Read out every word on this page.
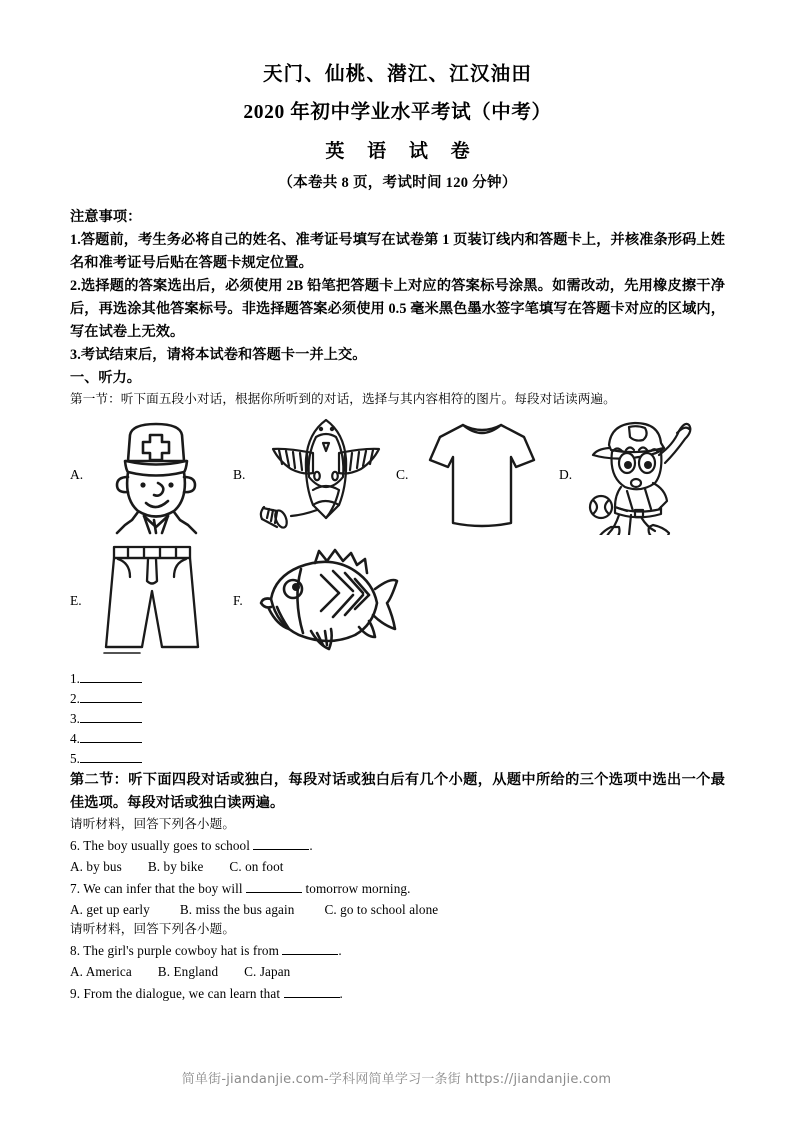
天门、仙桃、潜江、江汉油田
2020 年初中学业水平考试（中考）
英 语 试 卷
（本卷共 8 页，考试时间 120 分钟）

注意事项：

1.答题前，考生务必将自己的姓名、准考证号填写在试卷第 1 页装订线内和答题卡上，并核准条形码上姓名和准考证号后贴在答题卡规定位置。

2.选择题的答案选出后，必须使用 2B 铅笔把答题卡上对应的答案标号涂黑。如需改动，先用橡皮擦干净后，再选涂其他答案标号。非选择题答案必须使用 0.5 毫米黑色墨水签字笔填写在答题卡对应的区域内，写在试卷上无效。

3.考试结束后，请将本试卷和答题卡一并上交。

一、听力。

第一节：听下面五段小对话，根据你所听到的对话，选择与其内容相符的图片。每段对话读两遍。

A.	B.	C.	D.
E.	F.
1.
2.
3.
4.
5.

第二节：听下面四段对话或独白，每段对话或独白后有几个小题，从题中所给的三个选项中选出一个最佳选项。每段对话或独白读两遍。

请听材料，回答下列各小题。

6. The boy usually goes to school	.

A. by bus B. by bike C. on foot

7. We can infer that the boy will	tomorrow morning.

A. get up early B. miss the bus again C. go to school alone

请听材料，回答下列各小题。

8. The girl's purple cowboy hat is from	.

A. America B. England C. Japan

9. From the dialogue, we can learn that	.

简单街-jiandanjie.com-学科网简单学习一条街 https://jiandanjie.com
